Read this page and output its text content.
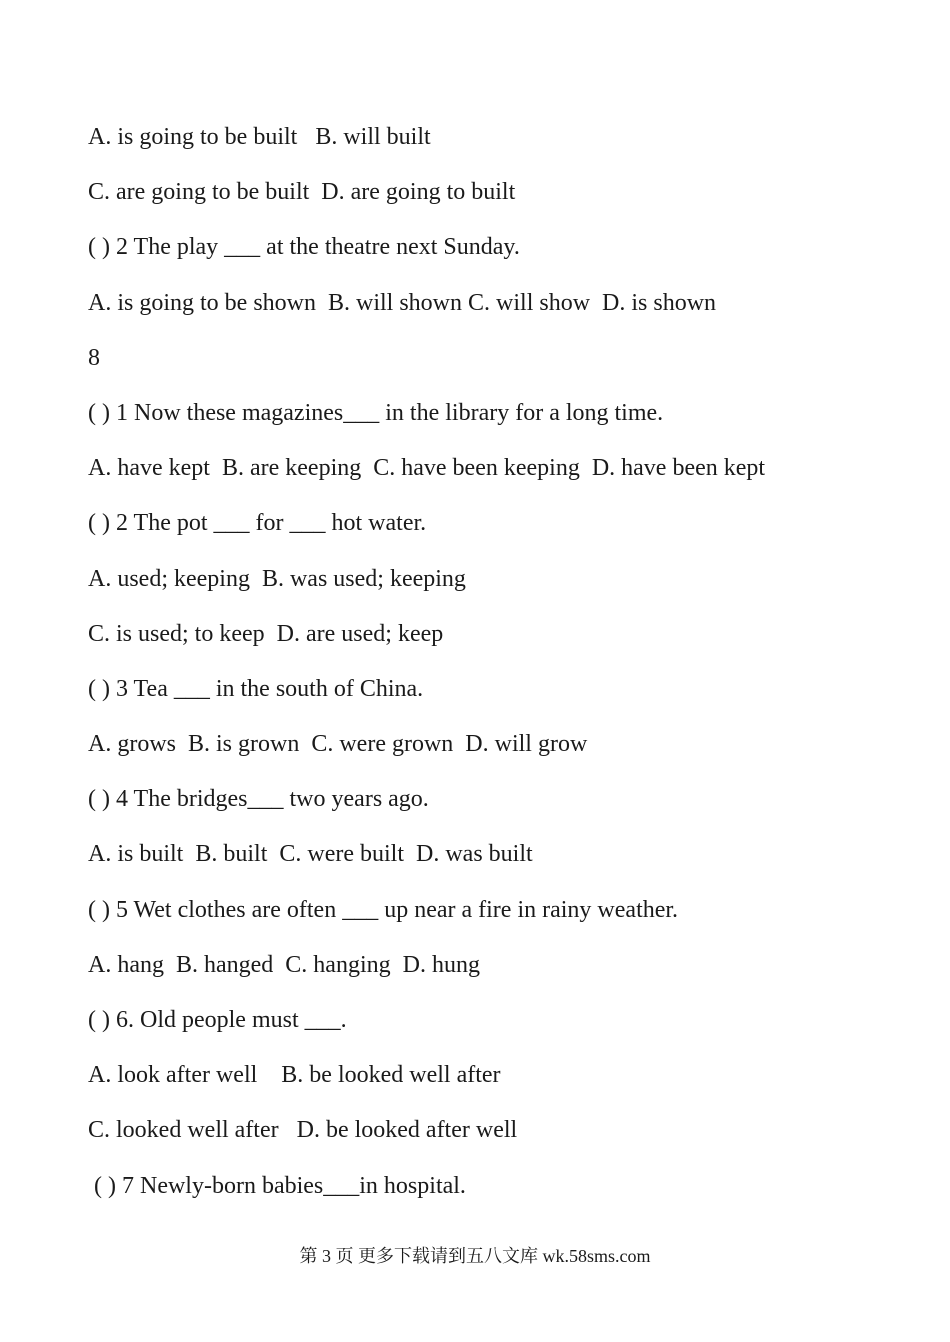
A. is going to be built   B. will built
C. are going to be built  D. are going to built
( ) 2 The play ___ at the theatre next Sunday.
A. is going to be shown  B. will shown C. will show  D. is shown
8
( ) 1 Now these magazines___ in the library for a long time.
A. have kept  B. are keeping  C. have been keeping  D. have been kept
( ) 2 The pot ___ for ___ hot water.
A. used; keeping  B. was used; keeping
C. is used; to keep  D. are used; keep
( ) 3 Tea ___ in the south of China.
A. grows  B. is grown  C. were grown  D. will grow
( ) 4 The bridges___ two years ago.
A. is built  B. built  C. were built  D. was built
( ) 5 Wet clothes are often ___ up near a fire in rainy weather.
A. hang  B. hanged  C. hanging  D. hung
( ) 6. Old people must ___.
A. look after well    B. be looked well after
C. looked well after   D. be looked after well
( ) 7 Newly-born babies___in hospital.
第 3 页 更多下载请到五八文库 wk.58sms.com
